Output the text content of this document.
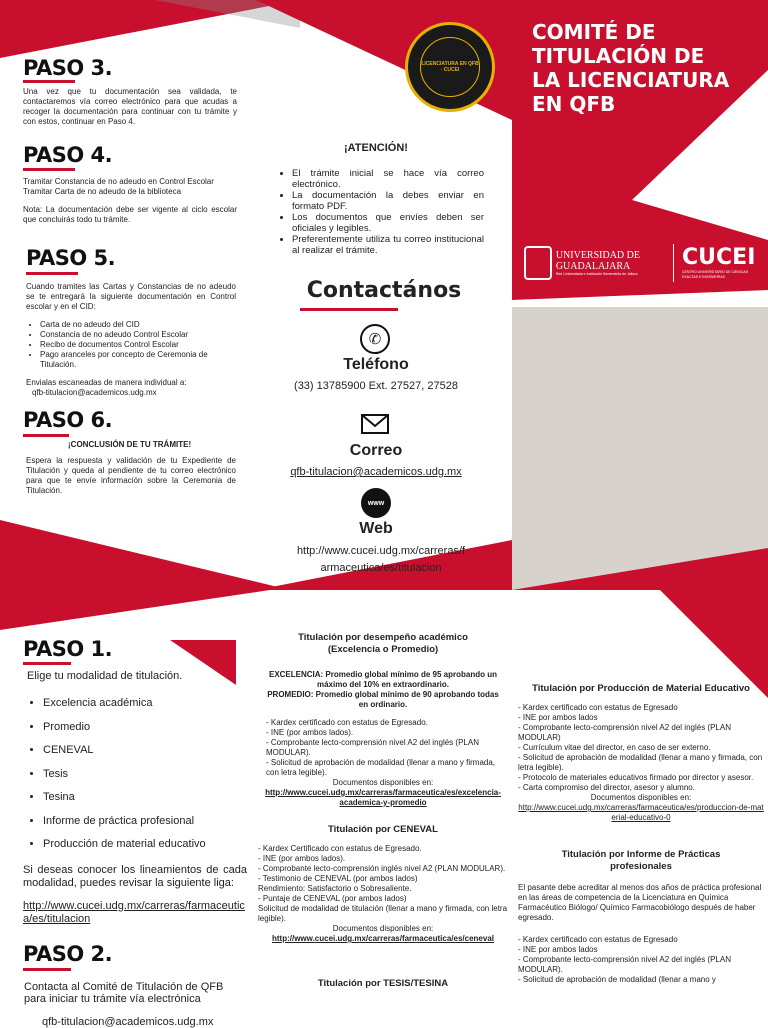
COMITÉ DE TITULACIÓN DE LA LICENCIATURA EN QFB
UNIVERSIDAD DE
GUADALAJARA
Red Universitaria e Institución Benemérita de Jalisco
CUCEI
CENTRO UNIVERSITARIO DE CIENCIAS EXACTAS E INGENIERÍAS
LICENCIATURA EN QFB · CUCEI
PASO 3.
Una vez que tu documentación sea validada, te contactaremos vía correo electrónico para que acudas a recoger la documentación para continuar con tu trámite y con estos, continuar en Paso 4.
PASO 4.
Tramitar Constancia de no adeudo en Control Escolar
Tramitar Carta de no adeudo de la biblioteca
Nota: La documentación debe ser vigente al ciclo escolar que concluirás todo tu trámite.
PASO 5.
Cuando tramites las Cartas y Constancias de no adeudo se te entregará la siguiente documentación en Control escolar y en el CID:
• Carta de no adeudo del CID
• Constancia de no adeudo Control Escolar
• Recibo de documentos Control Escolar
• Pago aranceles por concepto de Ceremonia de Titulación.
Envialas escaneadas de manera individual a:
qfb-titulacion@academicos.udg.mx
PASO 6.
¡CONCLUSIÓN DE TU TRÁMITE!
Espera la respuesta y validación de tu Expediente de Titulación y queda al pendiente de tu correo electrónico para que te envíe información sobre la Ceremonia de Titulación.
¡ATENCIÓN!
• El trámite inicial se hace vía correo electrónico.
• La documentación la debes enviar en formato PDF.
• Los documentos que envíes deben ser oficiales y legibles.
• Preferentemente utiliza tu correo institucional al realizar el trámite.
Contactános
✆
Teléfono
(33) 13785900 Ext. 27527, 27528
Correo
qfb-titulacion@academicos.udg.mx
www
Web
http://www.cucei.udg.mx/carreras/f
armaceutica/es/titulacion
PASO 1.
Elige tu modalidad de titulación.
• Excelencia académica
• Promedio
• CENEVAL
• Tesis
• Tesina
• Informe de práctica profesional
• Producción de material educativo
Si deseas conocer los lineamientos de cada modalidad, puedes revisar la siguiente liga:
http://www.cucei.udg.mx/carreras/farmaceutica/es/titulacion
PASO 2.
Contacta al Comité de Titulación de QFB para iniciar tu trámite vía electrónica
qfb-titulacion@academicos.udg.mx
Titulación por desempeño académico (Excelencia o Promedio)
EXCELENCIA: Promedio global mínimo de 95 aprobando un máximo del 10% en extraordinario.
PROMEDIO: Promedio global mínimo de 90 aprobando todas en ordinario.
- Kardex certificado con estatus de Egresado.
- INE (por ambos lados).
- Comprobante lecto-comprensión nivel A2 del inglés (PLAN MODULAR).
- Solicitud de aprobación de modalidad (llenar a mano y firmada, con letra legible).
Documentos disponibles en:
http://www.cucei.udg.mx/carreras/farmaceutica/es/excelencia-academica-y-promedio
Titulación por CENEVAL
- Kardex Certificado con estatus de Egresado.
- INE (por ambos lados).
- Comprobante lecto-comprensión inglés nivel A2 (PLAN MODULAR).
- Testimonio de CENEVAL (por ambos lados)
Rendimiento: Satisfactorio o Sobresaliente.
- Puntaje de CENEVAL (por ambos lados)
Solicitud de modalidad de titulación (llenar a mano y firmada, con letra legible).
Documentos disponibles en:
http://www.cucei.udg.mx/carreras/farmaceutica/es/ceneval
Titulación por TESIS/TESINA
Titulación por Producción de Material Educativo
- Kardex certificado con estatus de Egresado
- INE por ambos lados
- Comprobante lecto-comprensión nivel A2 del inglés (PLAN MODULAR)
- Currículum vitae del director, en caso de ser externo.
- Solicitud de aprobación de modalidad (llenar a mano y firmada, con letra legible).
- Protocolo de materiales educativos firmado por director y asesor.
- Carta compromiso del director, asesor y alumno.
Documentos disponibles en:
http://www.cucei.udg.mx/carreras/farmaceutica/es/produccion-de-material-educativo-0
Titulación por Informe de Prácticas profesionales
El pasante debe acreditar al menos dos años de práctica profesional en las áreas de competencia de la Licenciatura en Química Farmacéutico Biólogo/ Químico Farmacobiólogo después de haber egresado.
- Kardex certificado con estatus de Egresado
- INE por ambos lados
- Comprobante lecto-comprensión nivel A2 del inglés (PLAN MODULAR).
- Solicitud de aprobación de modalidad (llenar a mano y
